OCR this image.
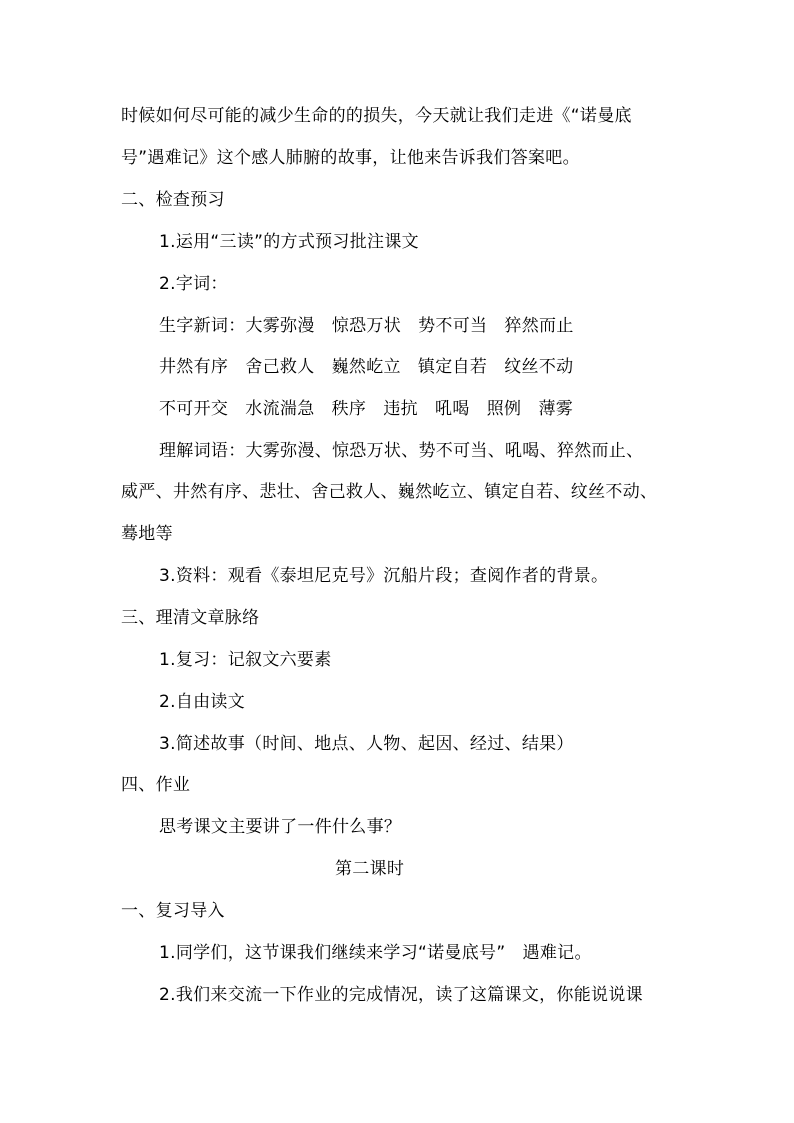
时候如何尽可能的减少生命的的损失，今天就让我们走进《“诺曼底
号”遇难记》这个感人肺腑的故事，让他来告诉我们答案吧。
二、检查预习
1.运用“三读”的方式预习批注课文
2.字词：
生字新词：大雾弥漫   惊恐万状   势不可当   猝然而止
井然有序   舍己救人   巍然屹立   镇定自若   纹丝不动
不可开交   水流湍急   秩序   违抗   吼喝   照例   薄雾
理解词语：大雾弥漫、惊恐万状、势不可当、吼喝、猝然而止、
威严、井然有序、悲壮、舍己救人、巍然屹立、镇定自若、纹丝不动、
蓦地等
3.资料：观看《泰坦尼克号》沉船片段；查阅作者的背景。
三、理清文章脉络
1.复习：记叙文六要素
2.自由读文
3.简述故事（时间、地点、人物、起因、经过、结果）
四、作业
思考课文主要讲了一件什么事？
第二课时
一、复习导入
1.同学们，这节课我们继续来学习“诺曼底号”   遇难记。
2.我们来交流一下作业的完成情况，读了这篇课文，你能说说课
